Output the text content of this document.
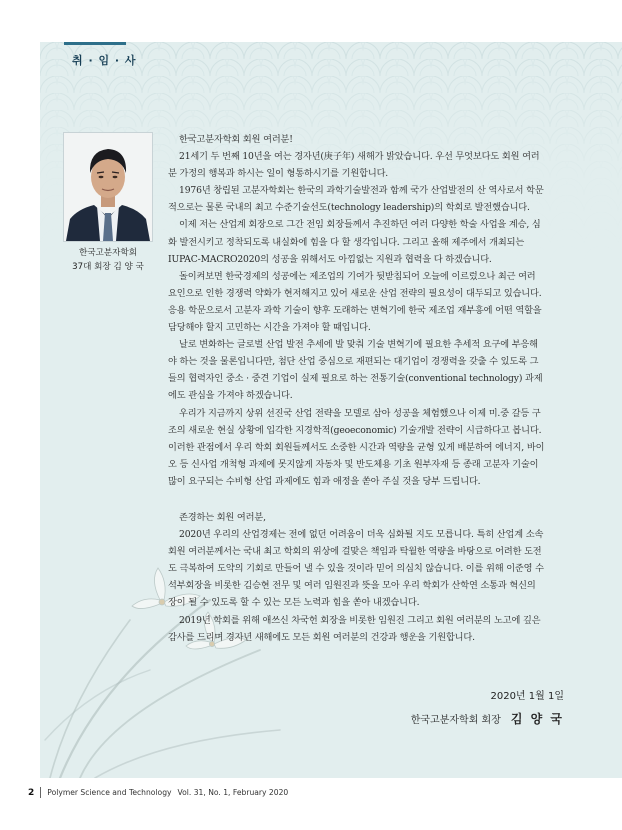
취 · 임 · 사
한국고분자학회
37대 회장 김 양 국

한국고분자학회 회원 여러분!

21세기 두 번째 10년을 여는 경자년(庚子年) 새해가 밝았습니다. 우선 무엇보다도 회원 여러분 가정의 행복과 하시는 일이 형통하시기를 기원합니다.

1976년 창립된 고분자학회는 한국의 과학기술발전과 함께 국가 산업발전의 산 역사로서 학문적으로는 물론 국내의 최고 수준기술선도(technology leadership)의 학회로 발전했습니다.

이제 저는 산업계 회장으로 그간 전임 회장들께서 추진하던 여러 다양한 학술 사업을 계승, 심화 발전시키고 정착되도록 내실화에 힘을 다 할 생각입니다. 그리고 올해 제주에서 개최되는 IUPAC-MACRO2020의 성공을 위해서도 아낌없는 지원과 협력을 다 하겠습니다.

돌이켜보면 한국경제의 성공에는 제조업의 기여가 뒷받침되어 오늘에 이르렀으나 최근 여러 요인으로 인한 경쟁력 약화가 현저해지고 있어 새로운 산업 전략의 필요성이 대두되고 있습니다. 응용 학문으로서 고분자 과학 기술이 향후 도래하는 변혁기에 한국 제조업 재부흥에 어떤 역할을 담당해야 할지 고민하는 시간을 가져야 할 때입니다.

날로 변화하는 글로벌 산업 발전 추세에 발 맞춰 기술 변혁기에 필요한 추세적 요구에 부응해야 하는 것을 물론입니다만, 첨단 산업 중심으로 재편되는 대기업이 경쟁력을 갖출 수 있도록 그들의 협력자인 중소 · 중견 기업이 실제 필요로 하는 전통기술(conventional technology) 과제에도 관심을 가져야 하겠습니다.

우리가 지금까지 상위 선진국 산업 전략을 모델로 삼아 성공을 체험했으나 이제 미.중 갈등 구조의 새로운 현실 상황에 입각한 지경학적(geoeconomic) 기술개발 전략이 시급하다고 봅니다. 이러한 관점에서 우리 학회 회원들께서도 소중한 시간과 역량을 균형 있게 배분하여 에너지, 바이오 등 신사업 개척형 과제에 못지않게 자동차 및 반도체용 기초 원부자재 등 종래 고분자 기술이 많이 요구되는 수비형 산업 과제에도 힘과 애정을 쏟아 주실 것을 당부 드립니다.

존경하는 회원 여러분,

2020년 우리의 산업경제는 전에 없던 어려움이 더욱 심화될 지도 모릅니다. 특히 산업계 소속 회원 여러분께서는 국내 최고 학회의 위상에 걸맞은 책임과 탁월한 역량을 바탕으로 어려한 도전도 극복하여 도약의 기회로 만들어 낼 수 있을 것이라 믿어 의심치 않습니다. 이를 위해 이준영 수석부회장을 비롯한 김승현 전무 및 여러 임원진과 뜻을 모아 우리 학회가 산학연 소통과 혁신의 장이 될 수 있도록 할 수 있는 모든 노력과 힘을 쏟아 내겠습니다.

2019년 학회를 위해 애쓰신 차국헌 회장을 비롯한 임원진 그리고 회원 여러분의 노고에 깊은 감사를 드리며 경자년 새해에도 모든 회원 여러분의 건강과 행운을 기원합니다.

2020년 1월 1일
한국고분자학회 회장 김 양 국
2 Polymer Science and Technology Vol. 31, No. 1, February 2020
